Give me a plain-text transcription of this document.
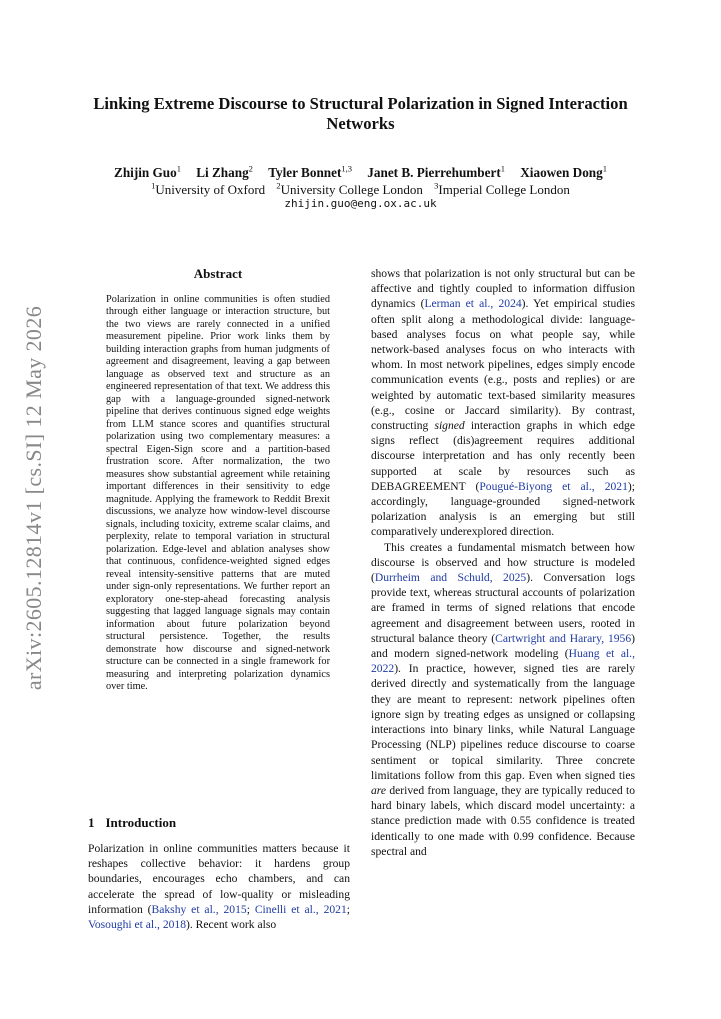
arXiv:2605.12814v1 [cs.SI] 12 May 2026
Linking Extreme Discourse to Structural Polarization in Signed Interaction Networks
Zhijin Guo$^1$ Li Zhang$^2$ Tyler Bonnet$^{1,3}$ Janet B. Pierrehumbert$^1$ Xiaowen Dong$^1$
$^1$University of Oxford $^2$University College London $^3$Imperial College London
zhijin.guo@eng.ox.ac.uk
Abstract
Polarization in online communities is often studied through either language or interaction structure, but the two views are rarely connected in a unified measurement pipeline. Prior work links them by building interaction graphs from human judgments of agreement and disagreement, leaving a gap between language as observed text and structure as an engineered representation of that text. We address this gap with a language-grounded signed-network pipeline that derives continuous signed edge weights from LLM stance scores and quantifies structural polarization using two complementary measures: a spectral Eigen-Sign score and a partition-based frustration score. After normalization, the two measures show substantial agreement while retaining important differences in their sensitivity to edge magnitude. Applying the framework to Reddit Brexit discussions, we analyze how window-level discourse signals, including toxicity, extreme scalar claims, and perplexity, relate to temporal variation in structural polarization. Edge-level and ablation analyses show that continuous, confidence-weighted signed edges reveal intensity-sensitive patterns that are muted under sign-only representations. We further report an exploratory one-step-ahead forecasting analysis suggesting that lagged language signals may contain information about future polarization beyond structural persistence. Together, the results demonstrate how discourse and signed-network structure can be connected in a single framework for measuring and interpreting polarization dynamics over time.
1 Introduction
Polarization in online communities matters because it reshapes collective behavior: it hardens group boundaries, encourages echo chambers, and can accelerate the spread of low-quality or misleading information (Bakshy et al., 2015; Cinelli et al., 2021; Vosoughi et al., 2018). Recent work also

shows that polarization is not only structural but can be affective and tightly coupled to information diffusion dynamics (Lerman et al., 2024). Yet empirical studies often split along a methodological divide: language-based analyses focus on what people say, while network-based analyses focus on who interacts with whom. In most network pipelines, edges simply encode communication events (e.g., posts and replies) or are weighted by automatic text-based similarity measures (e.g., cosine or Jaccard similarity). By contrast, constructing signed interaction graphs in which edge signs reflect (dis)agreement requires additional discourse interpretation and has only recently been supported at scale by resources such as DEBAGREEMENT (Pougué-Biyong et al., 2021); accordingly, language-grounded signed-network polarization analysis is an emerging but still comparatively underexplored direction.

This creates a fundamental mismatch between how discourse is observed and how structure is modeled (Durrheim and Schuld, 2025). Conversation logs provide text, whereas structural accounts of polarization are framed in terms of signed relations that encode agreement and disagreement between users, rooted in structural balance theory (Cartwright and Harary, 1956) and modern signed-network modeling (Huang et al., 2022). In practice, however, signed ties are rarely derived directly and systematically from the language they are meant to represent: network pipelines often ignore sign by treating edges as unsigned or collapsing interactions into binary links, while Natural Language Processing (NLP) pipelines reduce discourse to coarse sentiment or topical similarity. Three concrete limitations follow from this gap. Even when signed ties are derived from language, they are typically reduced to hard binary labels, which discard model uncertainty: a stance prediction made with 0.55 confidence is treated identically to one made with 0.99 confidence. Because spectral and
